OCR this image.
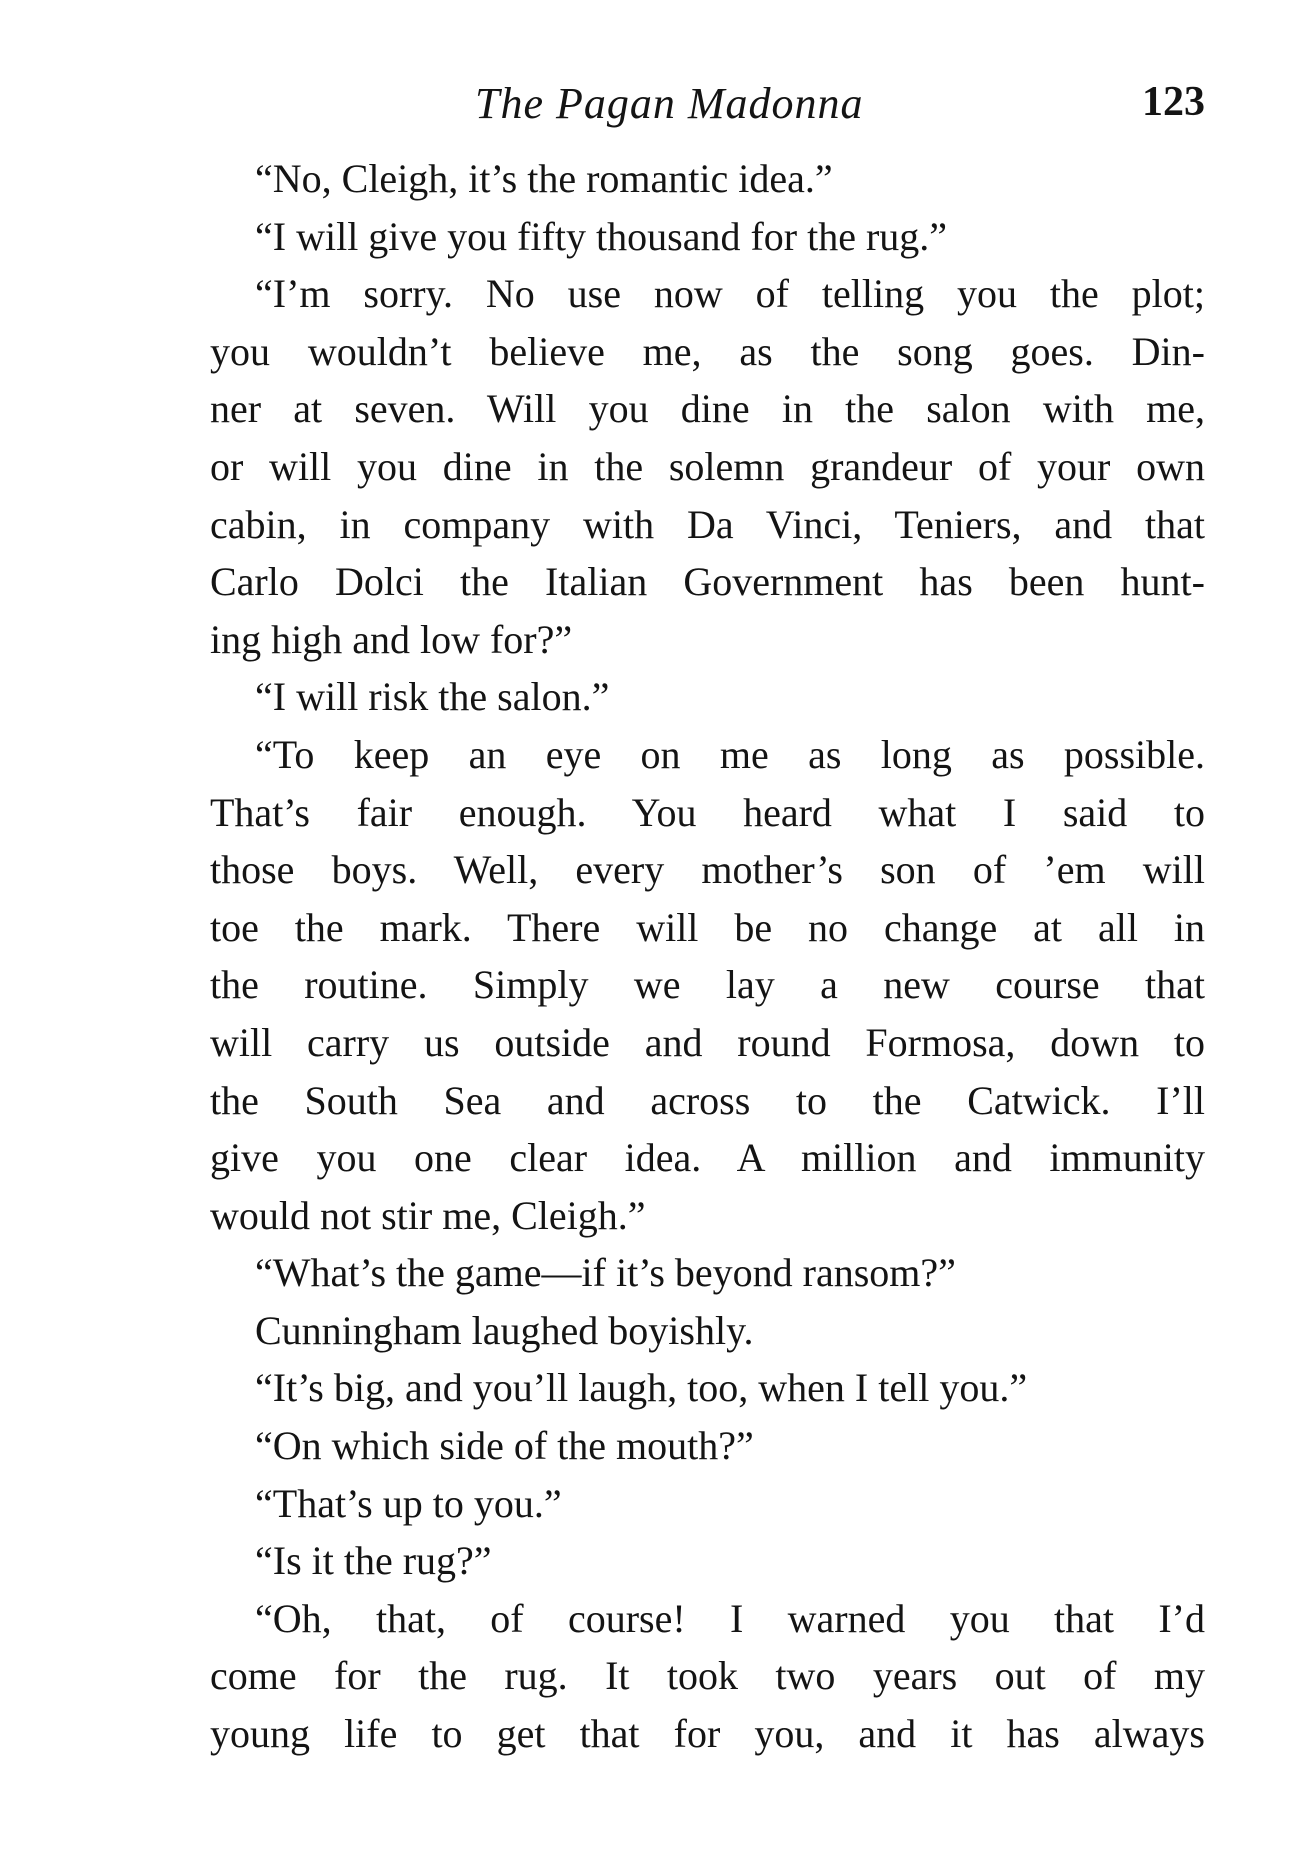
The Pagan Madonna	123
“No, Cleigh, it’s the romantic idea.”
“I will give you fifty thousand for the rug.”
“I’m sorry. No use now of telling you the plot;
you wouldn’t believe me, as the song goes. Din-
ner at seven. Will you dine in the salon with me,
or will you dine in the solemn grandeur of your own
cabin, in company with Da Vinci, Teniers, and that
Carlo Dolci the Italian Government has been hunt-
ing high and low for?”
“I will risk the salon.”
“To keep an eye on me as long as possible.
That’s fair enough. You heard what I said to
those boys. Well, every mother’s son of ’em will
toe the mark. There will be no change at all in
the routine. Simply we lay a new course that
will carry us outside and round Formosa, down to
the South Sea and across to the Catwick. I’ll
give you one clear idea. A million and immunity
would not stir me, Cleigh.”
“What’s the game—if it’s beyond ransom?”
Cunningham laughed boyishly.
“It’s big, and you’ll laugh, too, when I tell you.”
“On which side of the mouth?”
“That’s up to you.”
“Is it the rug?”
“Oh, that, of course! I warned you that I’d
come for the rug. It took two years out of my
young life to get that for you, and it has always
